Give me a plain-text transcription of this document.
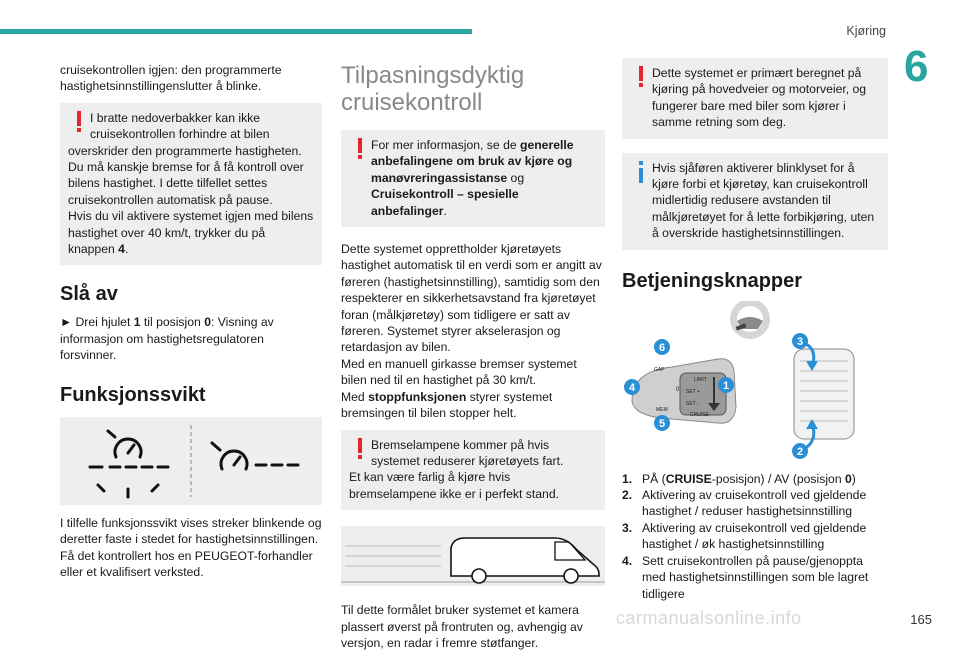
Kjøring
6

cruisekontrollen igjen: den programmerte hastighetsinnstillingenslutter å blinke.

I bratte nedoverbakker kan ikke cruisekontrollen forhindre at bilen
overskrider den programmerte hastigheten. Du må kanskje bremse for å få kontroll over bilens hastighet. I dette tilfellet settes cruisekontrollen automatisk på pause.
Hvis du vil aktivere systemet igjen med bilens hastighet over 40 km/t, trykker du på knappen 4.
Slå av

► Drei hjulet 1 til posisjon 0: Visning av informasjon om hastighetsregulatoren forsvinner.

Funksjonssvikt

I tilfelle funksjonssvikt vises streker blinkende og deretter faste i stedet for hastighetsinnstillingen. Få det kontrollert hos en PEUGEOT-forhandler eller et kvalifisert verksted.

Tilpasningsdyktig cruisekontroll
For mer informasjon, se de generelle anbefalingene om bruk av kjøre og manøvreringassistanse og Cruisekontroll – spesielle anbefalinger.

Dette systemet opprettholder kjøretøyets hastighet automatisk til en verdi som er angitt av føreren (hastighetsinnstilling), samtidig som den respekterer en sikkerhetsavstand fra kjøretøyet foran (målkjøretøy) som tidligere er satt av føreren. Systemet styrer akselerasjon og retardasjon av bilen.

Med en manuell girkasse bremser systemet bilen ned til en hastighet på 30 km/t.

Med stoppfunksjonen styrer systemet bremsingen til bilen stopper helt.

Bremselampene kommer på hvis systemet reduserer kjøretøyets fart.
Et kan være farlig å kjøre hvis bremselampene ikke er i perfekt stand.

Til dette formålet bruker systemet et kamera plassert øverst på frontruten og, avhengig av versjon, en radar i fremre støtfanger.

Dette systemet er primært beregnet på kjøring på hovedveier og motorveier, og fungerer bare med biler som kjører i samme retning som deg.
Hvis sjåføren aktiverer blinklyset for å kjøre forbi et kjøretøy, kan cruisekontroll midlertidig redusere avstanden til målkjøretøyet for å lette forbikjøring, uten å overskride hastighetsinnstillingen.
Betjeningsknapper
LIMIT
SET +
SET -
CRUISE
0
GAP
MEM
6
4
5
1
3
2
1. PÅ (CRUISE-posisjon) / AV (posisjon 0)
2. Aktivering av cruisekontroll ved gjeldende hastighet / reduser hastighetsinnstilling
3. Aktivering av cruisekontroll ved gjeldende hastighet / øk hastighetsinnstilling
4. Sett cruisekontrollen på pause/gjenoppta med hastighetsinnstillingen som ble lagret tidligere
carmanualsonline.info	165
